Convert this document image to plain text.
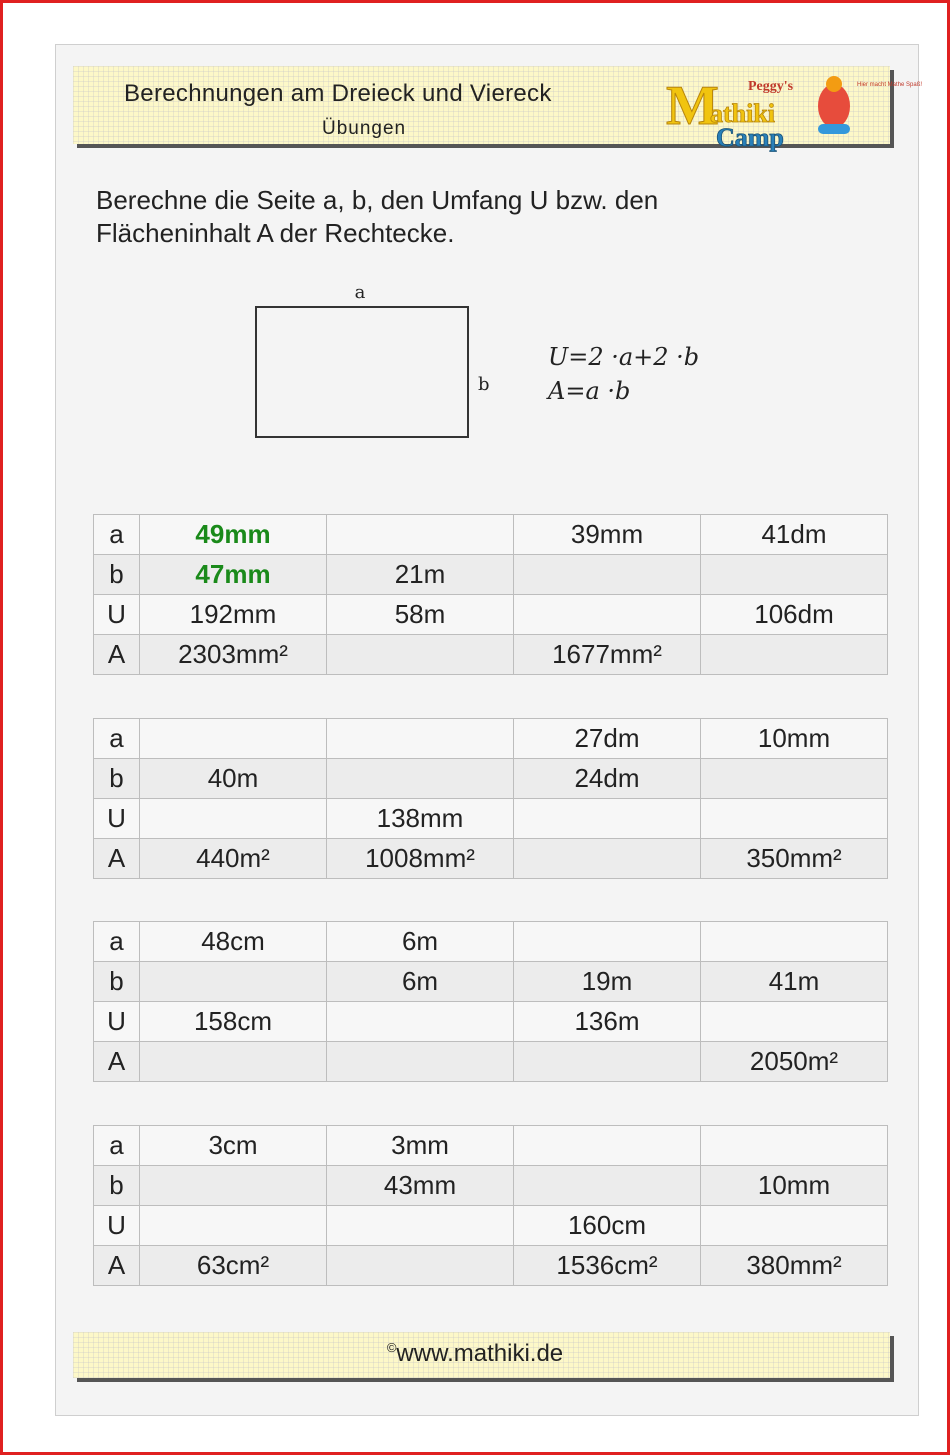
Berechnungen am Dreieck und Viereck
Übungen
Peggy's
M
athiki
Camp
Hier macht Mathe Spaß!
Berechne die Seite a, b, den Umfang U bzw. den
Flächeninhalt A der Rechtecke.
a
b
U=2 ·a+2 ·b
A=a ·b
a	49mm		39mm	41dm
b	47mm	21m		
U	192mm	58m		106dm
A	2303mm²		1677mm²	
a			27dm	10mm
b	40m		24dm	
U		138mm		
A	440m²	1008mm²		350mm²
a	48cm	6m		
b		6m	19m	41m
U	158cm		136m	
A				2050m²
a	3cm	3mm		
b		43mm		10mm
U			160cm	
A	63cm²		1536cm²	380mm²
©www.mathiki.de
